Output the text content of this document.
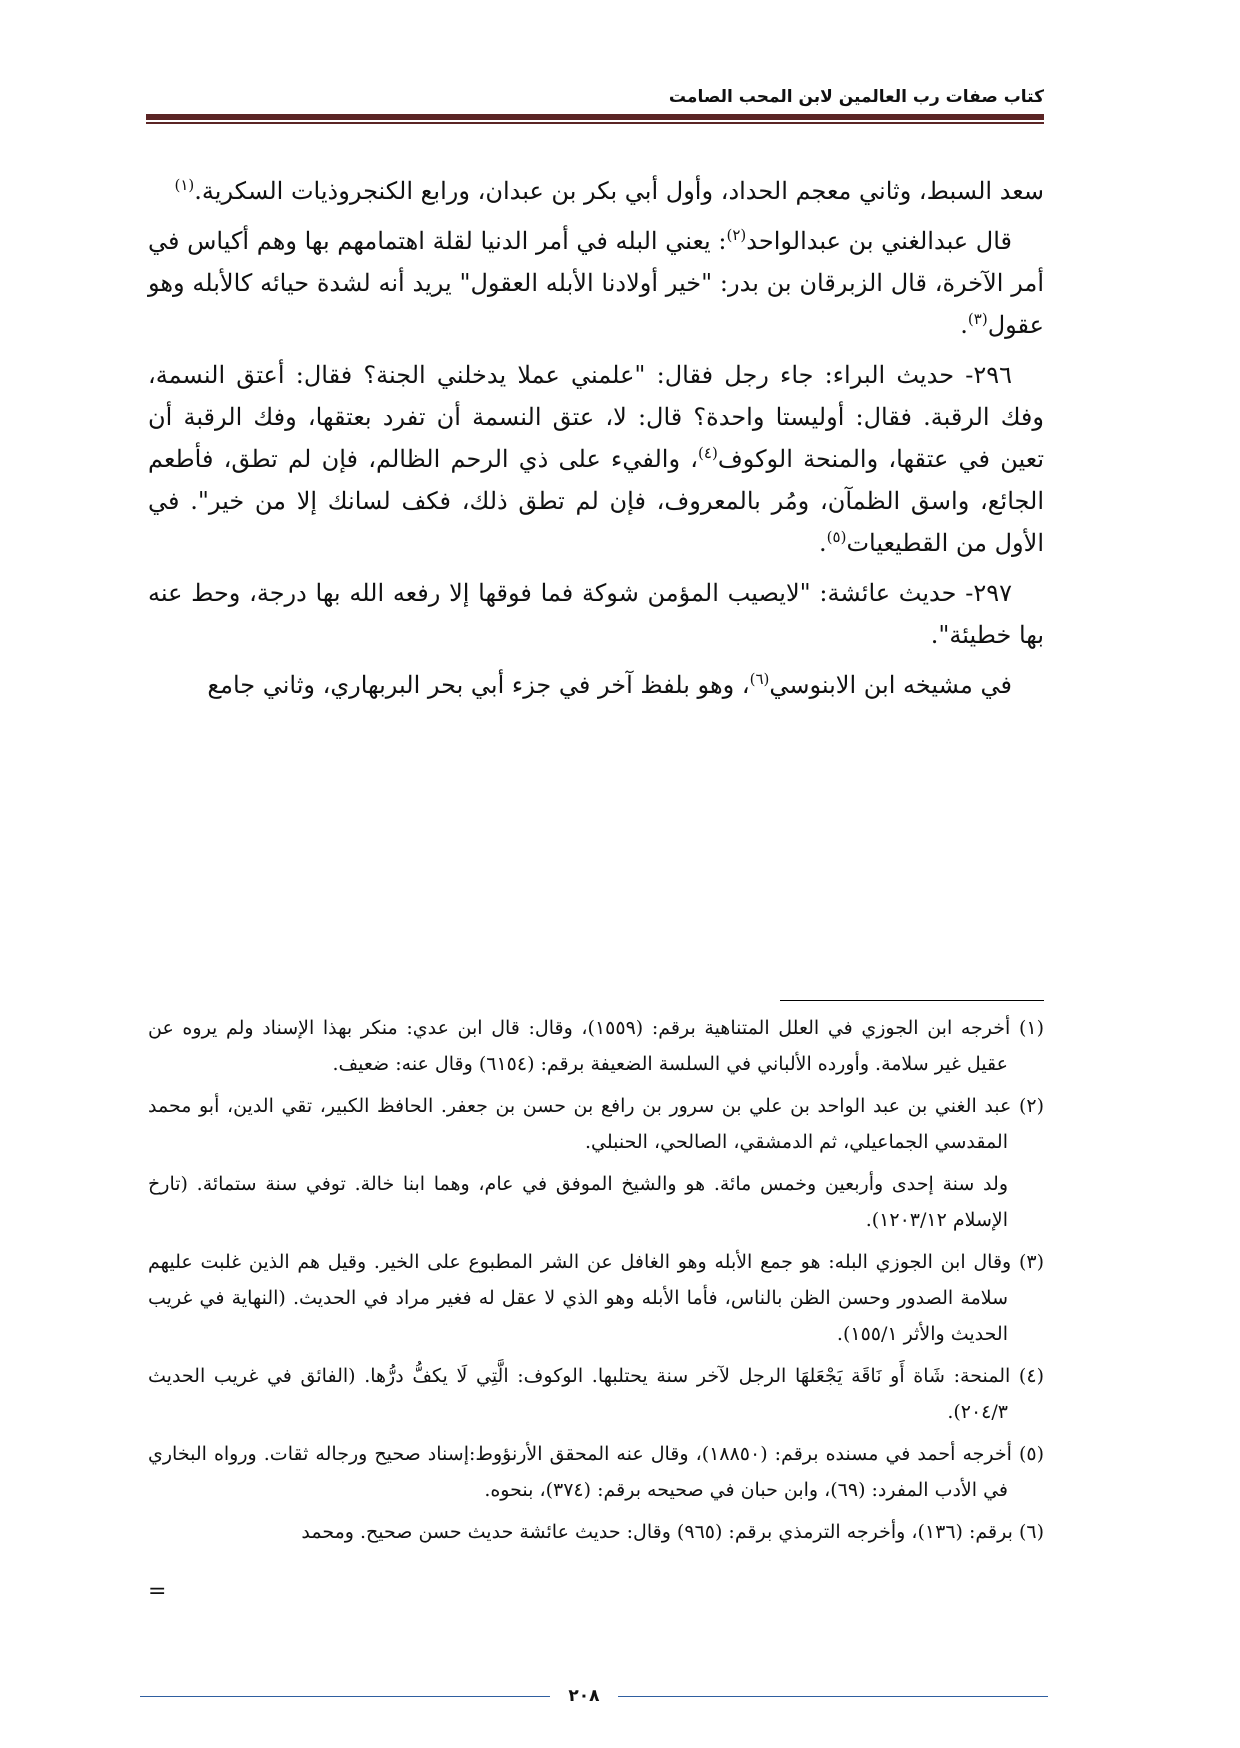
كتاب صفات رب العالمين لابن المحب الصامت

سعد السبط، وثاني معجم الحداد، وأول أبي بكر بن عبدان، ورابع الكنجروذيات السكرية.$^{(١)}$

قال عبدالغني بن عبدالواحد$^{(٢)}$: يعني البله في أمر الدنيا لقلة اهتمامهم بها وهم أكياس في أمر الآخرة، قال الزبرقان بن بدر: "خير أولادنا الأبله العقول" يريد أنه لشدة حيائه كالأبله وهو عقول$^{(٣)}$.

٢٩٦- حديث البراء: جاء رجل فقال: "علمني عملا يدخلني الجنة؟ فقال: أعتق النسمة، وفك الرقبة. فقال: أوليستا واحدة؟ قال: لا، عتق النسمة أن تفرد بعتقها، وفك الرقبة أن تعين في عتقها، والمنحة الوكوف$^{(٤)}$، والفيء على ذي الرحم الظالم، فإن لم تطق، فأطعم الجائع، واسق الظمآن، ومُر بالمعروف، فإن لم تطق ذلك، فكف لسانك إلا من خير". في الأول من القطيعيات$^{(٥)}$.

٢٩٧- حديث عائشة: "لايصيب المؤمن شوكة فما فوقها إلا رفعه الله بها درجة، وحط عنه بها خطيئة".

في مشيخه ابن الابنوسي$^{(٦)}$، وهو بلفظ آخر في جزء أبي بحر البربهاري، وثاني جامع

(١) أخرجه ابن الجوزي في العلل المتناهية برقم: (١٥٥٩)، وقال: قال ابن عدي: منكر بهذا الإسناد ولم يروه عن عقيل غير سلامة. وأورده الألباني في السلسة الضعيفة برقم: (٦١٥٤) وقال عنه: ضعيف.

(٢) عبد الغني بن عبد الواحد بن علي بن سرور بن رافع بن حسن بن جعفر. الحافظ الكبير، تقي الدين، أبو محمد المقدسي الجماعيلي، ثم الدمشقي، الصالحي، الحنبلي.

ولد سنة إحدى وأربعين وخمس مائة. هو والشيخ الموفق في عام، وهما ابنا خالة. توفي سنة ستمائة. (تارخ الإسلام ١٢٠٣/١٢).

(٣) وقال ابن الجوزي البله: هو جمع الأبله وهو الغافل عن الشر المطبوع على الخير. وقيل هم الذين غلبت عليهم سلامة الصدور وحسن الظن بالناس، فأما الأبله وهو الذي لا عقل له فغير مراد في الحديث. (النهاية في غريب الحديث والأثر ١٥٥/١).

(٤) المنحة: شَاة أَو نَاقَة يَجْعَلهَا الرجل لآخر سنة يحتلبها. الوكوف: الَّتِي لَا يكفُّ درُّها. (الفائق في غريب الحديث ٢٠٤/٣).

(٥) أخرجه أحمد في مسنده برقم: (١٨٨٥٠)، وقال عنه المحقق الأرنؤوط:إسناد صحيح ورجاله ثقات. ورواه البخاري في الأدب المفرد: (٦٩)، وابن حبان في صحيحه برقم: (٣٧٤)، بنحوه.

(٦) برقم: (١٣٦)، وأخرجه الترمذي برقم: (٩٦٥) وقال: حديث عائشة حديث حسن صحيح. ومحمد

=
٢٠٨
